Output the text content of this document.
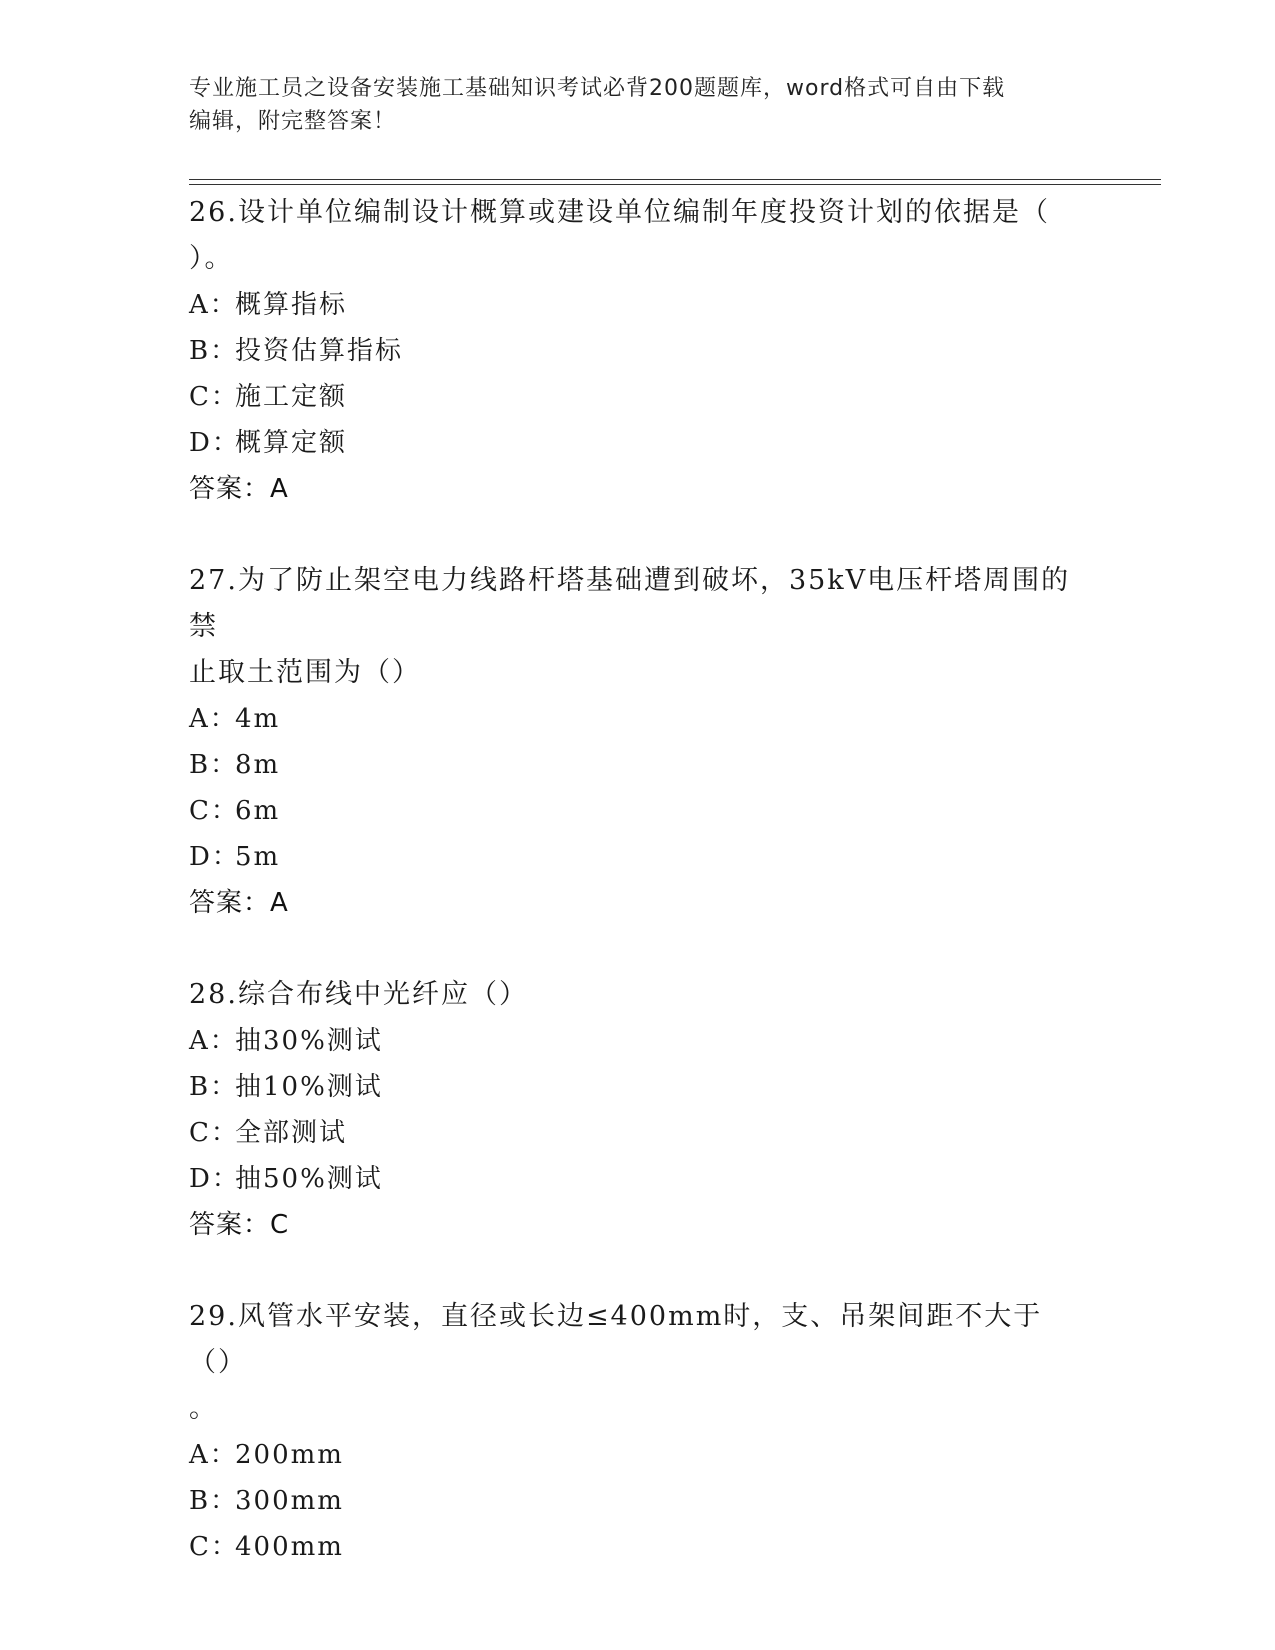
专业施工员之设备安装施工基础知识考试必背200题题库，word格式可自由下载
编辑，附完整答案！
26.设计单位编制设计概算或建设单位编制年度投资计划的依据是（
）。
A：概算指标
B：投资估算指标
C：施工定额
D：概算定额
答案：A
27.为了防止架空电力线路杆塔基础遭到破坏，35kV电压杆塔周围的禁
止取土范围为（）
A：4m
B：8m
C：6m
D：5m
答案：A
28.综合布线中光纤应（）
A：抽30%测试
B：抽10%测试
C：全部测试
D：抽50%测试
答案：C
29.风管水平安装，直径或长边≤400mm时，支、吊架间距不大于（）
。
A：200mm
B：300mm
C：400mm
